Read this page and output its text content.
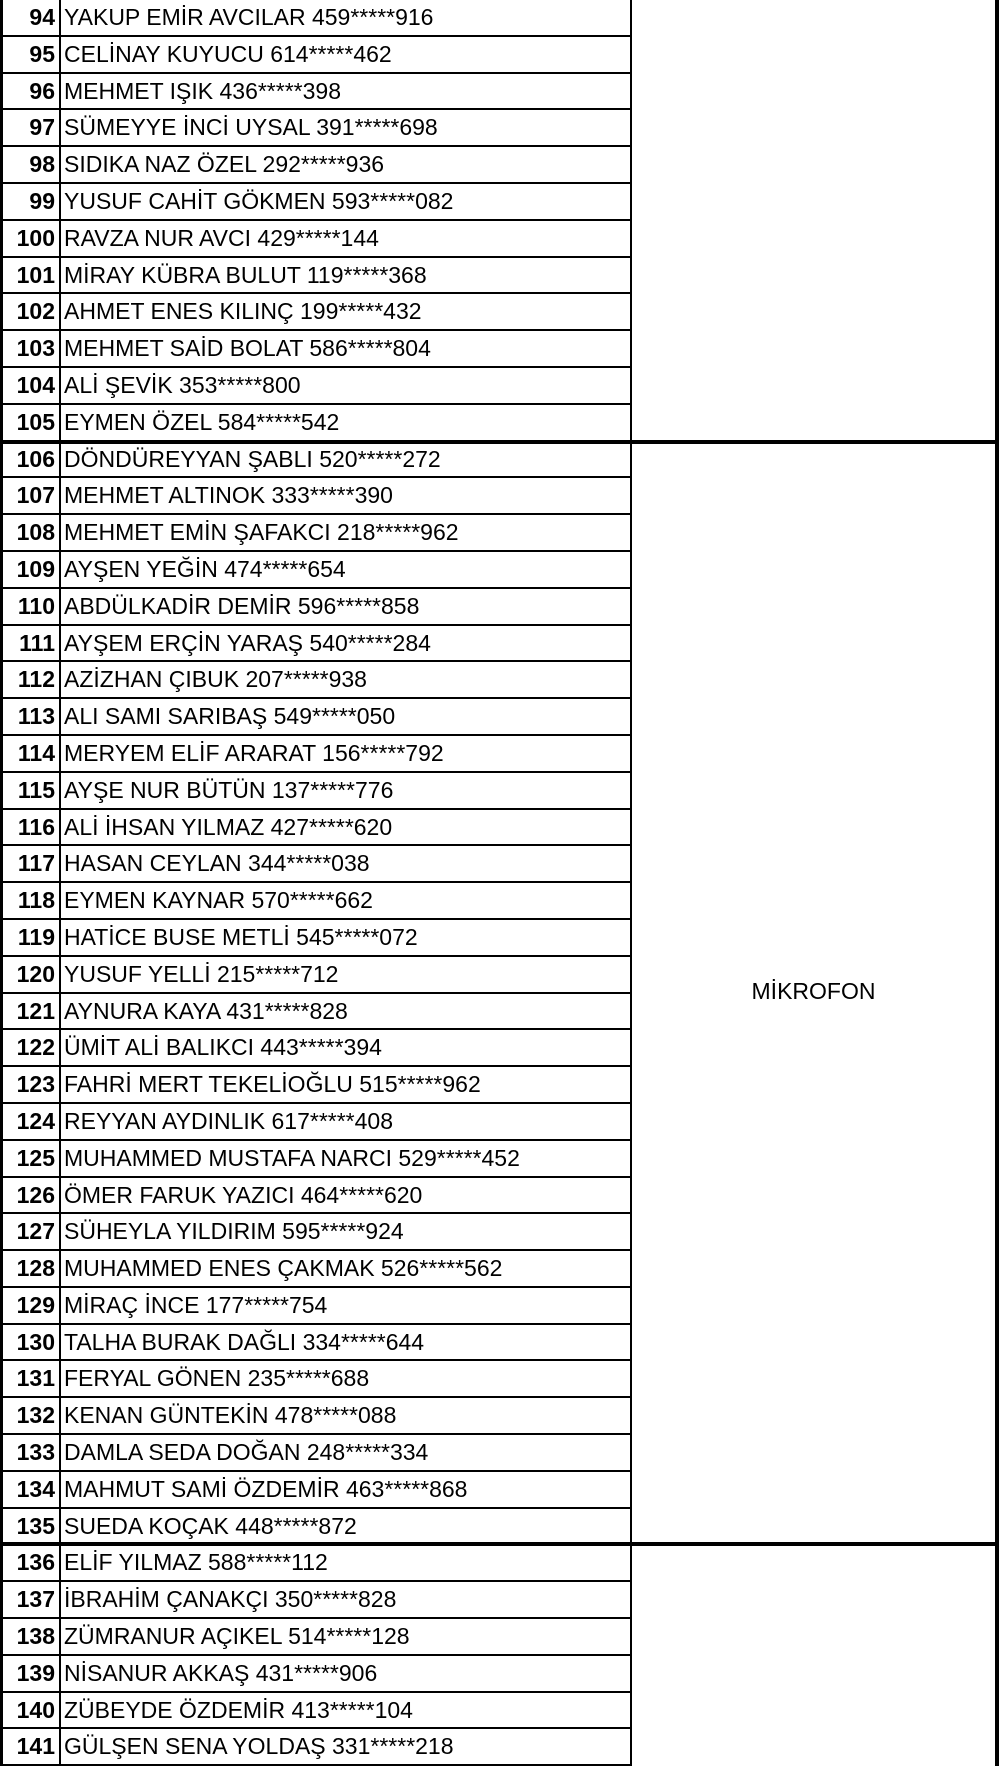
94 YAKUP EMİR AVCILAR 459*****916
95 CELİNAY KUYUCU 614*****462
96 MEHMET IŞIK 436*****398
97 SÜMEYYE İNCİ UYSAL 391*****698
98 SIDIKA NAZ ÖZEL 292*****936
99 YUSUF CAHİT GÖKMEN 593*****082
100 RAVZA NUR AVCI 429*****144
101 MİRAY KÜBRA BULUT 119*****368
102 AHMET ENES KILINÇ 199*****432
103 MEHMET SAİD BOLAT 586*****804
104 ALİ ŞEVİK 353*****800
105 EYMEN ÖZEL 584*****542
106 DÖNDÜREYYAN ŞABLI 520*****272
107 MEHMET ALTINOK 333*****390
108 MEHMET EMİN ŞAFAKCI 218*****962
109 AYŞEN YEĞİN 474*****654
110 ABDÜLKADİR DEMİR 596*****858
111 AYŞEM ERÇİN YARAŞ 540*****284
112 AZİZHAN ÇIBUK 207*****938
113 ALI SAMI SARIBAŞ 549*****050
114 MERYEM ELİF ARARAT 156*****792
115 AYŞE NUR BÜTÜN 137*****776
116 ALİ İHSAN YILMAZ 427*****620
117 HASAN CEYLAN 344*****038
118 EYMEN KAYNAR 570*****662
119 HATİCE BUSE METLİ 545*****072
120 YUSUF YELLİ 215*****712
121 AYNURA KAYA 431*****828
122 ÜMİT ALİ BALIKCI 443*****394
123 FAHRİ MERT TEKELİOĞLU 515*****962
124 REYYAN AYDINLIK 617*****408
125 MUHAMMED MUSTAFA NARCI 529*****452
126 ÖMER FARUK YAZICI 464*****620
127 SÜHEYLA YILDIRIM 595*****924
128 MUHAMMED ENES ÇAKMAK 526*****562
129 MİRAÇ İNCE 177*****754
130 TALHA BURAK DAĞLI 334*****644
131 FERYAL GÖNEN 235*****688
132 KENAN GÜNTEKİN 478*****088
133 DAMLA SEDA DOĞAN 248*****334
134 MAHMUT SAMİ ÖZDEMİR 463*****868
135 SUEDA KOÇAK 448*****872
136 ELİF YILMAZ 588*****112
137 İBRAHİM ÇANAKÇI 350*****828
138 ZÜMRANUR AÇIKEL 514*****128
139 NİSANUR AKKAŞ 431*****906
140 ZÜBEYDE ÖZDEMİR 413*****104
141 GÜLŞEN SENA YOLDAŞ 331*****218
MİKROFON
